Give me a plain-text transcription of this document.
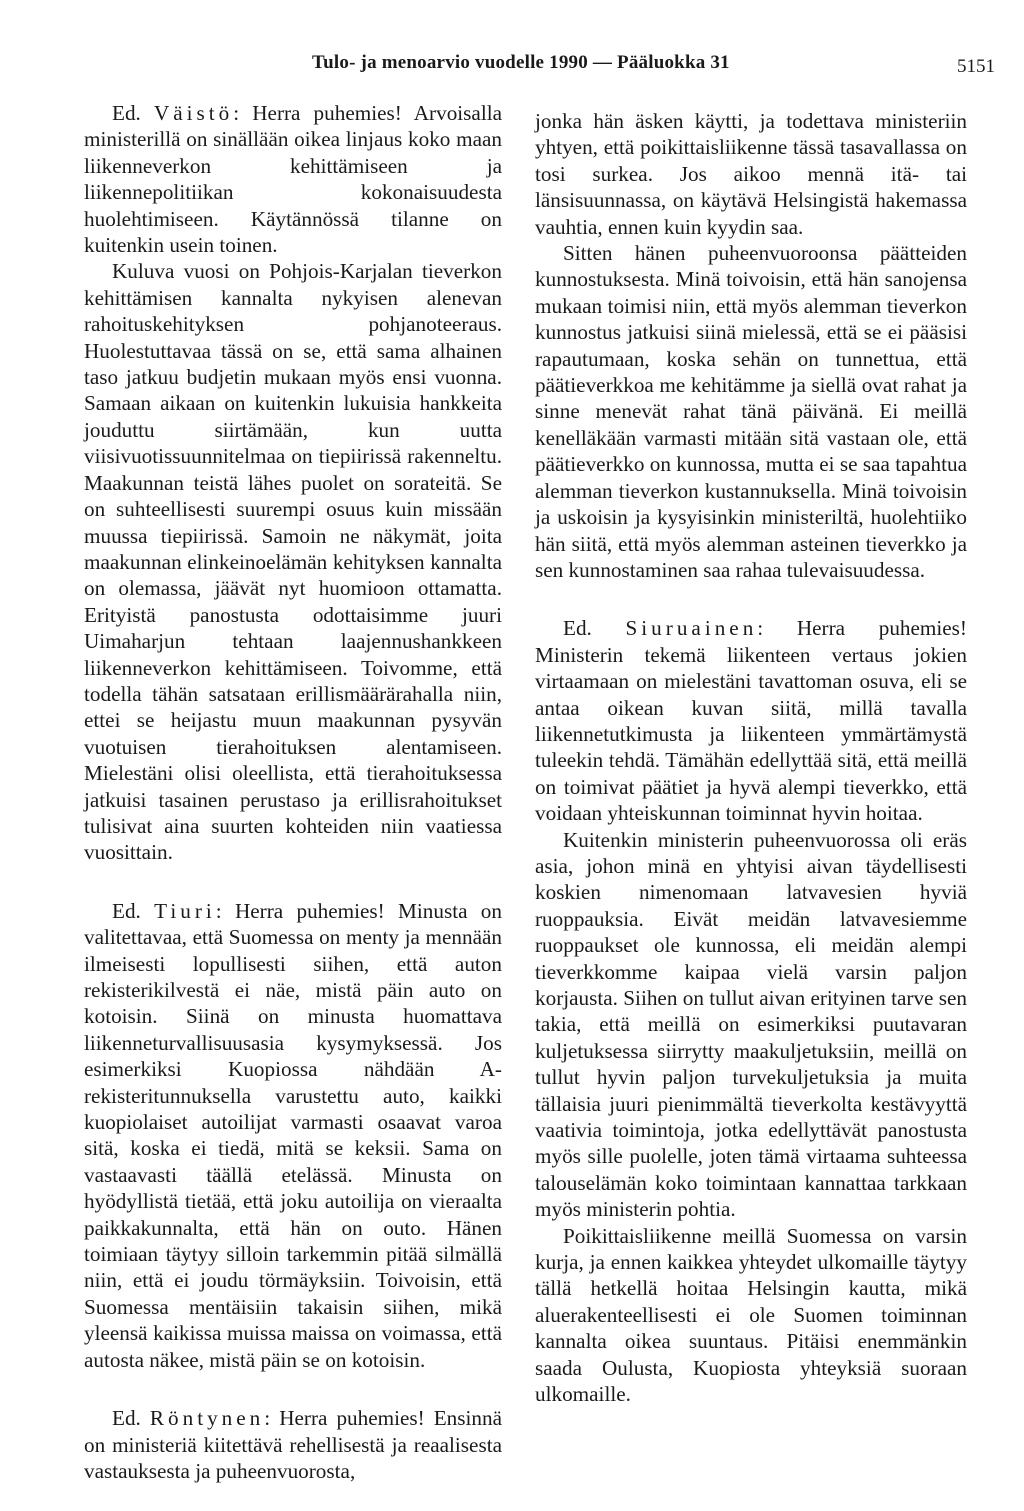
Tulo- ja menoarvio vuodelle 1990 — Pääluokka 31	5151

Ed. Väistö: Herra puhemies! Arvoisalla ministerillä on sinällään oikea linjaus koko maan liikenneverkon kehittämiseen ja liikennepolitiikan kokonaisuudesta huolehtimiseen. Käytännössä tilanne on kuitenkin usein toinen.

Kuluva vuosi on Pohjois-Karjalan tieverkon kehittämisen kannalta nykyisen alenevan rahoituskehityksen pohjanoteeraus. Huolestuttavaa tässä on se, että sama alhainen taso jatkuu budjetin mukaan myös ensi vuonna. Samaan aikaan on kuitenkin lukuisia hankkeita jouduttu siirtämään, kun uutta viisivuotissuunnitelmaa on tiepiirissä rakenneltu. Maakunnan teistä lähes puolet on sorateitä. Se on suhteellisesti suurempi osuus kuin missään muussa tiepiirissä. Samoin ne näkymät, joita maakunnan elinkeinoelämän kehityksen kannalta on olemassa, jäävät nyt huomioon ottamatta. Erityistä panostusta odottaisimme juuri Uimaharjun tehtaan laajennushankkeen liikenneverkon kehittämiseen. Toivomme, että todella tähän satsataan erillismäärärahalla niin, ettei se heijastu muun maakunnan pysyvän vuotuisen tierahoituksen alentamiseen. Mielestäni olisi oleellista, että tierahoituksessa jatkuisi tasainen perustaso ja erillisrahoitukset tulisivat aina suurten kohteiden niin vaatiessa vuosittain.

Ed. Tiuri: Herra puhemies! Minusta on valitettavaa, että Suomessa on menty ja mennään ilmeisesti lopullisesti siihen, että auton rekisterikilvestä ei näe, mistä päin auto on kotoisin. Siinä on minusta huomattava liikenneturvallisuusasia kysymyksessä. Jos esimerkiksi Kuopiossa nähdään A-rekisteritunnuksella varustettu auto, kaikki kuopiolaiset autoilijat varmasti osaavat varoa sitä, koska ei tiedä, mitä se keksii. Sama on vastaavasti täällä etelässä. Minusta on hyödyllistä tietää, että joku autoilija on vieraalta paikkakunnalta, että hän on outo. Hänen toimiaan täytyy silloin tarkemmin pitää silmällä niin, että ei joudu törmäyksiin. Toivoisin, että Suomessa mentäisiin takaisin siihen, mikä yleensä kaikissa muissa maissa on voimassa, että autosta näkee, mistä päin se on kotoisin.

Ed. Röntynen: Herra puhemies! Ensinnä on ministeriä kiitettävä rehellisestä ja reaalisesta vastauksesta ja puheenvuorosta,

jonka hän äsken käytti, ja todettava ministeriin yhtyen, että poikittaisliikenne tässä tasavallassa on tosi surkea. Jos aikoo mennä itä- tai länsisuunnassa, on käytävä Helsingistä hakemassa vauhtia, ennen kuin kyydin saa.

Sitten hänen puheenvuoroonsa päätteiden kunnostuksesta. Minä toivoisin, että hän sanojensa mukaan toimisi niin, että myös alemman tieverkon kunnostus jatkuisi siinä mielessä, että se ei pääsisi rapautumaan, koska sehän on tunnettua, että päätieverkkoa me kehitämme ja siellä ovat rahat ja sinne menevät rahat tänä päivänä. Ei meillä kenelläkään varmasti mitään sitä vastaan ole, että päätieverkko on kunnossa, mutta ei se saa tapahtua alemman tieverkon kustannuksella. Minä toivoisin ja uskoisin ja kysyisinkin ministeriltä, huolehtiiko hän siitä, että myös alemman asteinen tieverkko ja sen kunnostaminen saa rahaa tulevaisuudessa.

Ed. Siuruainen: Herra puhemies! Ministerin tekemä liikenteen vertaus jokien virtaamaan on mielestäni tavattoman osuva, eli se antaa oikean kuvan siitä, millä tavalla liikennetutkimusta ja liikenteen ymmärtämystä tuleekin tehdä. Tämähän edellyttää sitä, että meillä on toimivat päätiet ja hyvä alempi tieverkko, että voidaan yhteiskunnan toiminnat hyvin hoitaa.

Kuitenkin ministerin puheenvuorossa oli eräs asia, johon minä en yhtyisi aivan täydellisesti koskien nimenomaan latvavesien hyviä ruoppauksia. Eivät meidän latvavesiemme ruoppaukset ole kunnossa, eli meidän alempi tieverkkomme kaipaa vielä varsin paljon korjausta. Siihen on tullut aivan erityinen tarve sen takia, että meillä on esimerkiksi puutavaran kuljetuksessa siirrytty maakuljetuksiin, meillä on tullut hyvin paljon turvekuljetuksia ja muita tällaisia juuri pienimmältä tieverkolta kestävyyttä vaativia toimintoja, jotka edellyttävät panostusta myös sille puolelle, joten tämä virtaama suhteessa talouselämän koko toimintaan kannattaa tarkkaan myös ministerin pohtia.

Poikittaisliikenne meillä Suomessa on varsin kurja, ja ennen kaikkea yhteydet ulkomaille täytyy tällä hetkellä hoitaa Helsingin kautta, mikä aluerakenteellisesti ei ole Suomen toiminnan kannalta oikea suuntaus. Pitäisi enemmänkin saada Oulusta, Kuopiosta yhteyksiä suoraan ulkomaille.
